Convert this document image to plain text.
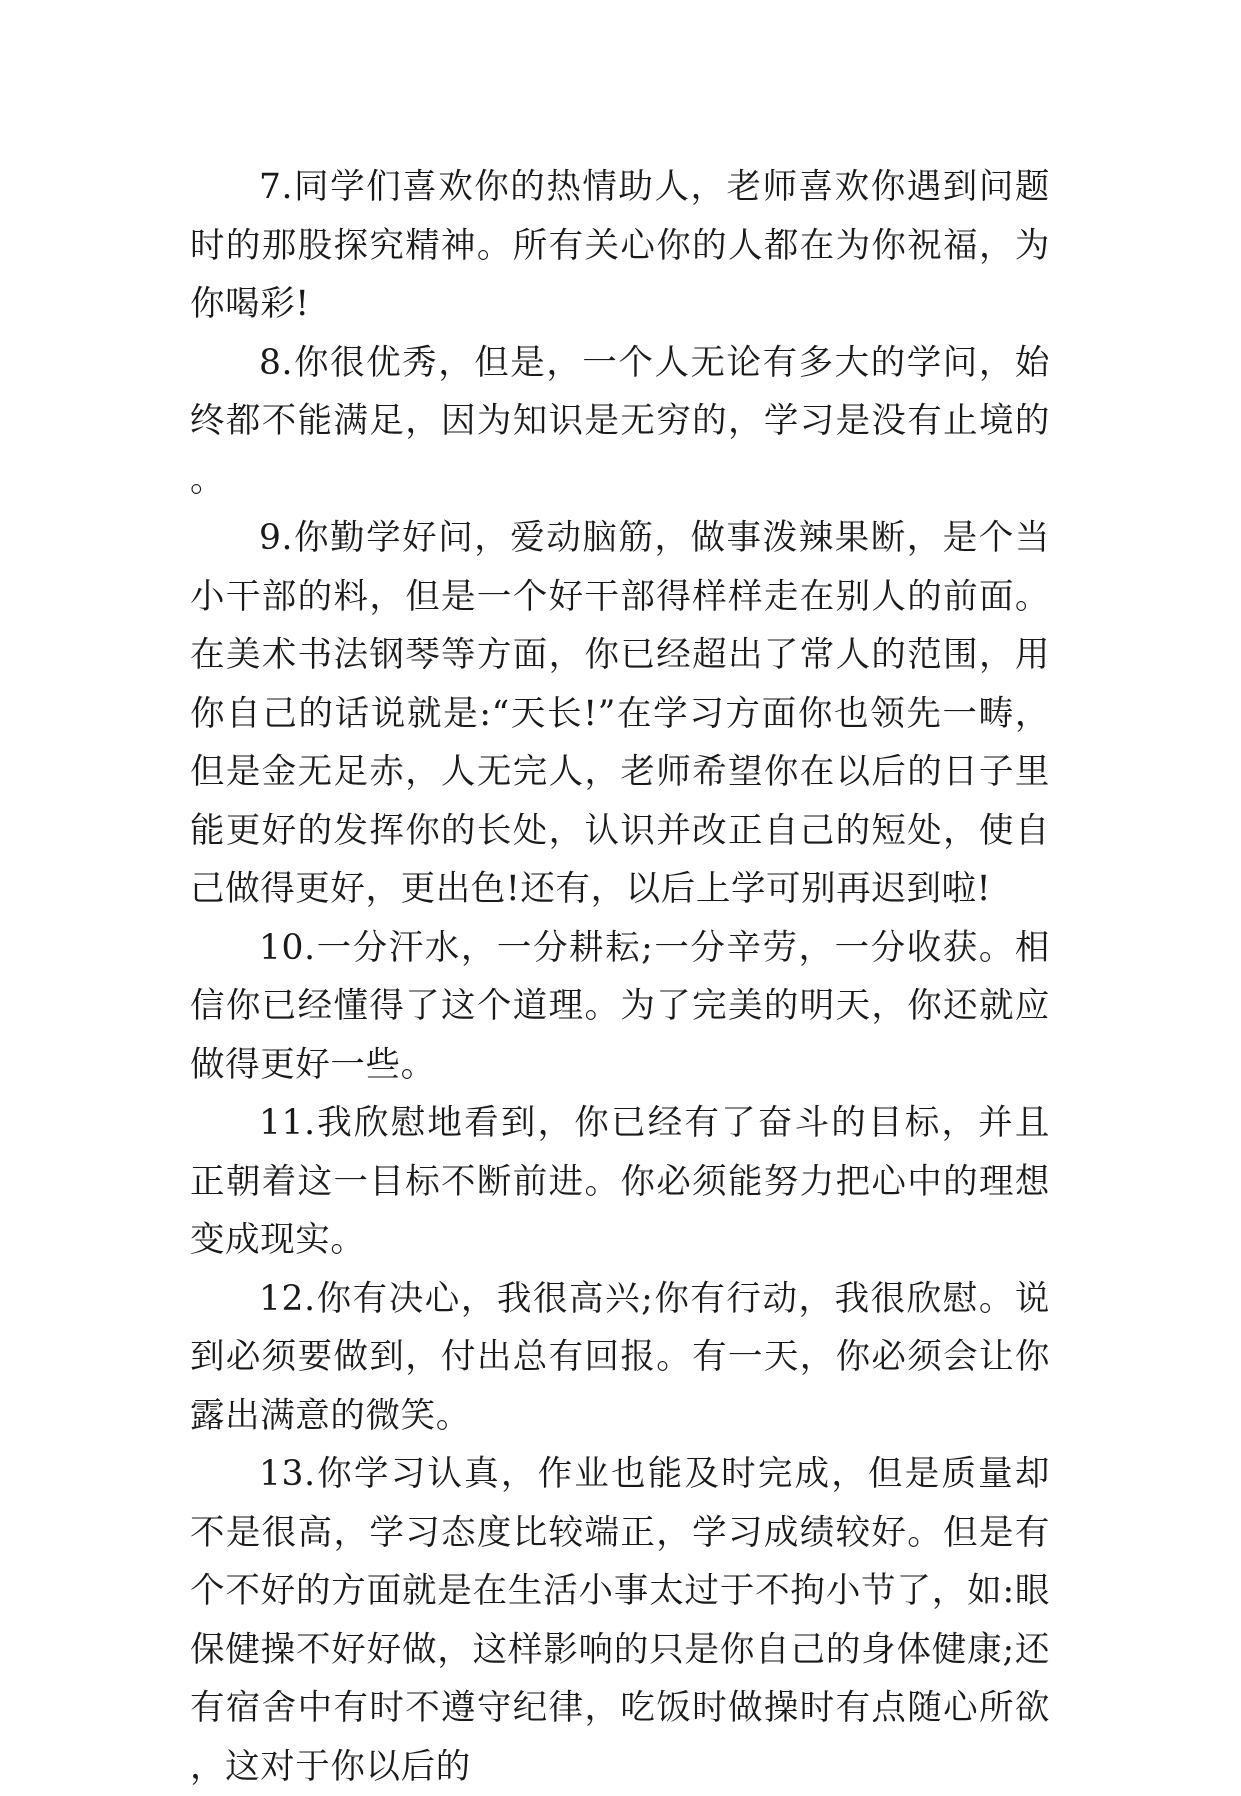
7.同学们喜欢你的热情助人，老师喜欢你遇到问题时的那股探究精神。所有关心你的人都在为你祝福，为你喝彩!

8.你很优秀，但是，一个人无论有多大的学问，始终都不能满足，因为知识是无穷的，学习是没有止境的。

9.你勤学好问，爱动脑筋，做事泼辣果断，是个当小干部的料，但是一个好干部得样样走在别人的前面。在美术书法钢琴等方面，你已经超出了常人的范围，用你自己的话说就是:“天长!”在学习方面你也领先一畴，但是金无足赤，人无完人，老师希望你在以后的日子里能更好的发挥你的长处，认识并改正自己的短处，使自己做得更好，更出色!还有，以后上学可别再迟到啦!

10.一分汗水，一分耕耘;一分辛劳，一分收获。相信你已经懂得了这个道理。为了完美的明天，你还就应做得更好一些。

11.我欣慰地看到，你已经有了奋斗的目标，并且正朝着这一目标不断前进。你必须能努力把心中的理想变成现实。

12.你有决心，我很高兴;你有行动，我很欣慰。说到必须要做到，付出总有回报。有一天，你必须会让你露出满意的微笑。

13.你学习认真，作业也能及时完成，但是质量却不是很高，学习态度比较端正，学习成绩较好。但是有个不好的方面就是在生活小事太过于不拘小节了，如:眼保健操不好好做，这样影响的只是你自己的身体健康;还有宿舍中有时不遵守纪律，吃饭时做操时有点随心所欲，这对于你以后的
